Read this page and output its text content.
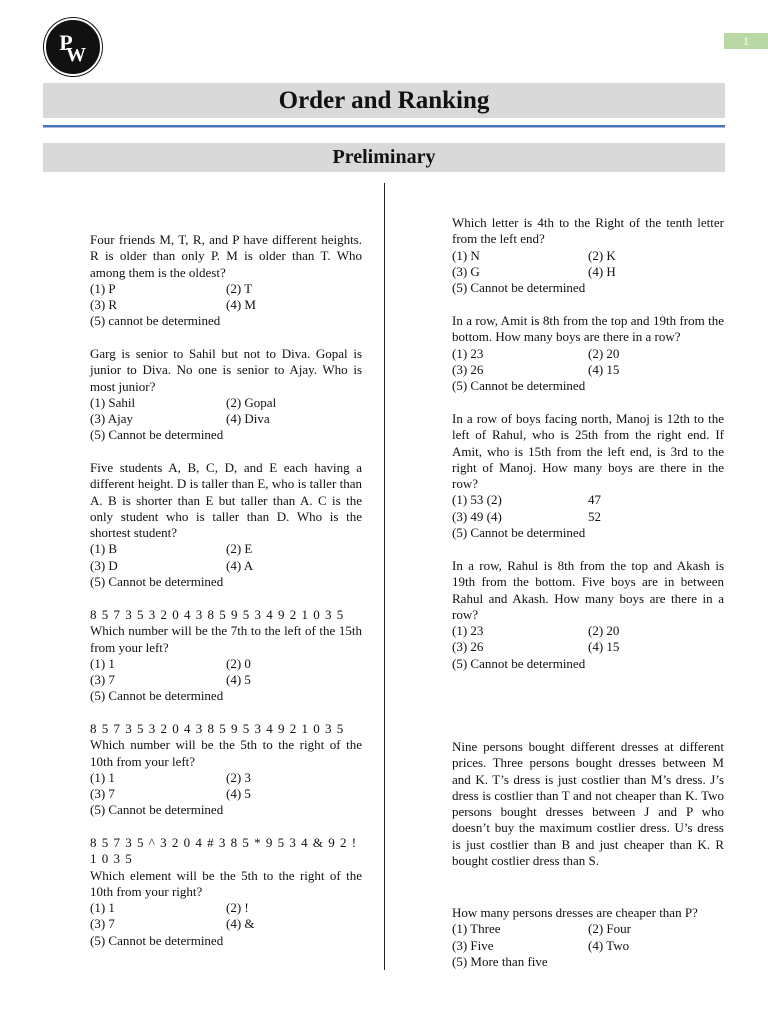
P
W
1
Order and Ranking
Preliminary

Four friends M, T, R, and P have different heights. R is older than only P. M is older than T. Who among them is the oldest?

(1) P	(2) T
(3) R	(4) M
(5) cannot be determined

Garg is senior to Sahil but not to Diva. Gopal is junior to Diva. No one is senior to Ajay. Who is most junior?

(1) Sahil	(2) Gopal
(3) Ajay	(4) Diva
(5) Cannot be determined

Five students A, B, C, D, and E each having a different height. D is taller than E, who is taller than A. B is shorter than E but taller than A. C is the only student who is taller than D. Who is the shortest student?

(1) B	(2) E
(3) D	(4) A
(5) Cannot be determined

8 5 7 3 5 3 2 0 4 3 8 5 9 5 3 4 9 2 1 0 3 5

Which number will be the 7th to the left of the 15th from your left?

(1) 1	(2) 0
(3) 7	(4) 5
(5) Cannot be determined

8 5 7 3 5 3 2 0 4 3 8 5 9 5 3 4 9 2 1 0 3 5

Which number will be the 5th to the right of the 10th from your left?

(1) 1	(2) 3
(3) 7	(4) 5
(5) Cannot be determined

8 5 7 3 5 ^ 3 2 0 4 # 3 8 5 * 9 5 3 4 & 9 2 ! 1 0 3 5

Which element will be the 5th to the right of the 10th from your right?

(1) 1	(2) !
(3) 7	(4) &
(5) Cannot be determined

Which letter is 4th to the Right of the tenth letter from the left end?

(1) N	(2) K
(3) G	(4) H
(5) Cannot be determined

In a row, Amit is 8th from the top and 19th from the bottom. How many boys are there in a row?

(1) 23	(2) 20
(3) 26	(4) 15
(5) Cannot be determined

In a row of boys facing north, Manoj is 12th to the left of Rahul, who is 25th from the right end. If Amit, who is 15th from the left end, is 3rd to the right of Manoj. How many boys are there in the row?

(1) 53 (2)	47
(3) 49 (4)	52
(5) Cannot be determined

In a row, Rahul is 8th from the top and Akash is 19th from the bottom. Five boys are in between Rahul and Akash. How many boys are there in a row?

(1) 23	(2) 20
(3) 26	(4) 15
(5) Cannot be determined

Nine persons bought different dresses at different prices. Three persons bought dresses between M and K. T’s dress is just costlier than M’s dress. J’s dress is costlier than T and not cheaper than K. Two persons bought dresses between J and P who doesn’t buy the maximum costlier dress. U’s dress is just costlier than B and just cheaper than K. R bought costlier dress than S.

How many persons dresses are cheaper than P?

(1) Three	(2) Four
(3) Five	(4) Two
(5) More than five
